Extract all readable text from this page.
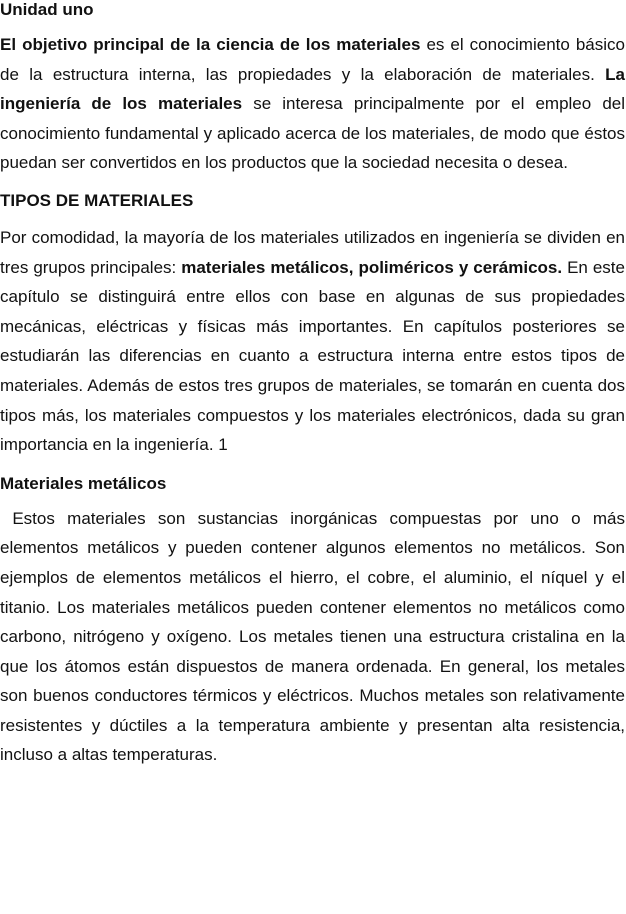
Unidad uno

El objetivo principal de la ciencia de los materiales es el conocimiento básico de la estructura interna, las propiedades y la elaboración de materiales. La ingeniería de los materiales se interesa principalmente por el empleo del conocimiento fundamental y aplicado acerca de los materiales, de modo que éstos puedan ser convertidos en los productos que la sociedad necesita o desea.

TIPOS DE MATERIALES

Por comodidad, la mayoría de los materiales utilizados en ingeniería se dividen en tres grupos principales: materiales metálicos, poliméricos y cerámicos. En este capítulo se distinguirá entre ellos con base en algunas de sus propiedades mecánicas, eléctricas y físicas más importantes. En capítulos posteriores se estudiarán las diferencias en cuanto a estructura interna entre estos tipos de materiales. Además de estos tres grupos de materiales, se tomarán en cuenta dos tipos más, los materiales compuestos y los materiales electrónicos, dada su gran importancia en la ingeniería. 1

Materiales metálicos

Estos materiales son sustancias inorgánicas compuestas por uno o más elementos metálicos y pueden contener algunos elementos no metálicos. Son ejemplos de elementos metálicos el hierro, el cobre, el aluminio, el níquel y el titanio. Los materiales metálicos pueden contener elementos no metálicos como carbono, nitrógeno y oxígeno. Los metales tienen una estructura cristalina en la que los átomos están dispuestos de manera ordenada. En general, los metales son buenos conductores térmicos y eléctricos. Muchos metales son relativamente resistentes y dúctiles a la temperatura ambiente y presentan alta resistencia, incluso a altas temperaturas.
